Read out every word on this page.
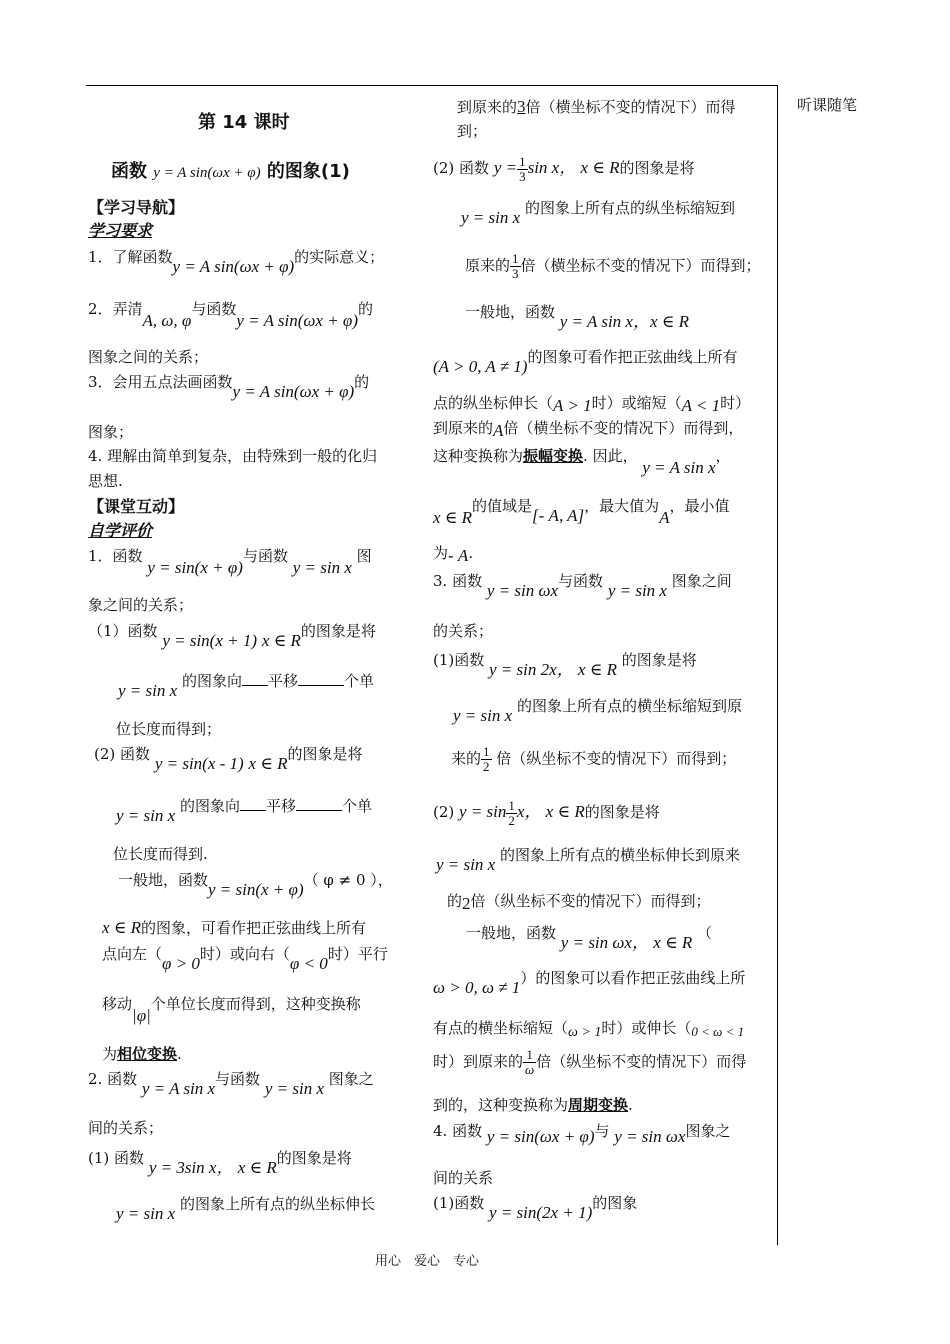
听课随笔
第 14 课时
函数 y = A sin(ωx + φ) 的图象(1)
【学习导航】
学习要求
1．了解函数y = A sin(ωx + φ)的实际意义；
2．弄清A, ω, φ与函数y = A sin(ωx + φ)的
图象之间的关系；
3．会用五点法画函数y = A sin(ωx + φ)的
图象；
4. 理解由简单到复杂，由特殊到一般的化归
思想.
【课堂互动】
自学评价
1．函数 y = sin(x + φ)与函数 y = sin x 图
象之间的关系；
（1）函数 y = sin(x + 1) x ∈ R的图象是将
y = sin x 的图象向 平移	个单
位长度而得到；
(2) 函数 y = sin(x - 1) x ∈ R的图象是将
y = sin x 的图象向 平移	个单
位长度而得到.
一般地，函数y = sin(x + φ)（ φ ≠ 0 ），
x ∈ R的图象，可看作把正弦曲线上所有
点向左（φ > 0时）或向右（φ < 0时）平行
移动|φ|个单位长度而得到，这种变换称
为相位变换.
2. 函数 y = A sin x与函数 y = sin x 图象之
间的关系；
(1) 函数 y = 3sin x， x ∈ R的图象是将
y = sin x 的图象上所有点的纵坐标伸长
到原来的3倍（横坐标不变的情况下）而得
到；
(2) 函数 $y = \frac{1}{3}$ sin x， x ∈ R的图象是将
y = sin x 的图象上所有点的纵坐标缩短到
原来的 $\frac{1}{3}$ 倍（横坐标不变的情况下）而得到；
一般地，函数 y = A sin x，x ∈ R
(A > 0, A ≠ 1)的图象可看作把正弦曲线上所有
点的纵坐标伸长（A > 1时）或缩短（A < 1时）
到原来的A倍（横坐标不变的情况下）而得到，
这种变换称为振幅变换. 因此， y = A sin x，
x ∈ R的值域是[- A, A]，最大值为A，最小值
为- A.
3. 函数 y = sin ωx与函数 y = sin x 图象之间
的关系；
(1)函数 y = sin 2x， x ∈ R 的图象是将
y = sin x 的图象上所有点的横坐标缩短到原
来的 $\frac{1}{2}$ 倍（纵坐标不变的情况下）而得到；
(2) $y = \sin \frac{1}{2}$ x， x ∈ R的图象是将
y = sin x 的图象上所有点的横坐标伸长到原来
的2倍（纵坐标不变的情况下）而得到；
一般地，函数 y = sin ωx， x ∈ R （
ω > 0, ω ≠ 1）的图象可以看作把正弦曲线上所
有点的横坐标缩短（ω > 1时）或伸长（0 < ω < 1
时）到原来的 $\frac{1}{\omega}$ 倍（纵坐标不变的情况下）而得
到的，这种变换称为周期变换.
4. 函数 y = sin(ωx + φ)与 y = sin ωx图象之
间的关系
(1)函数 y = sin(2x + 1)的图象
用心　爱心　专心
